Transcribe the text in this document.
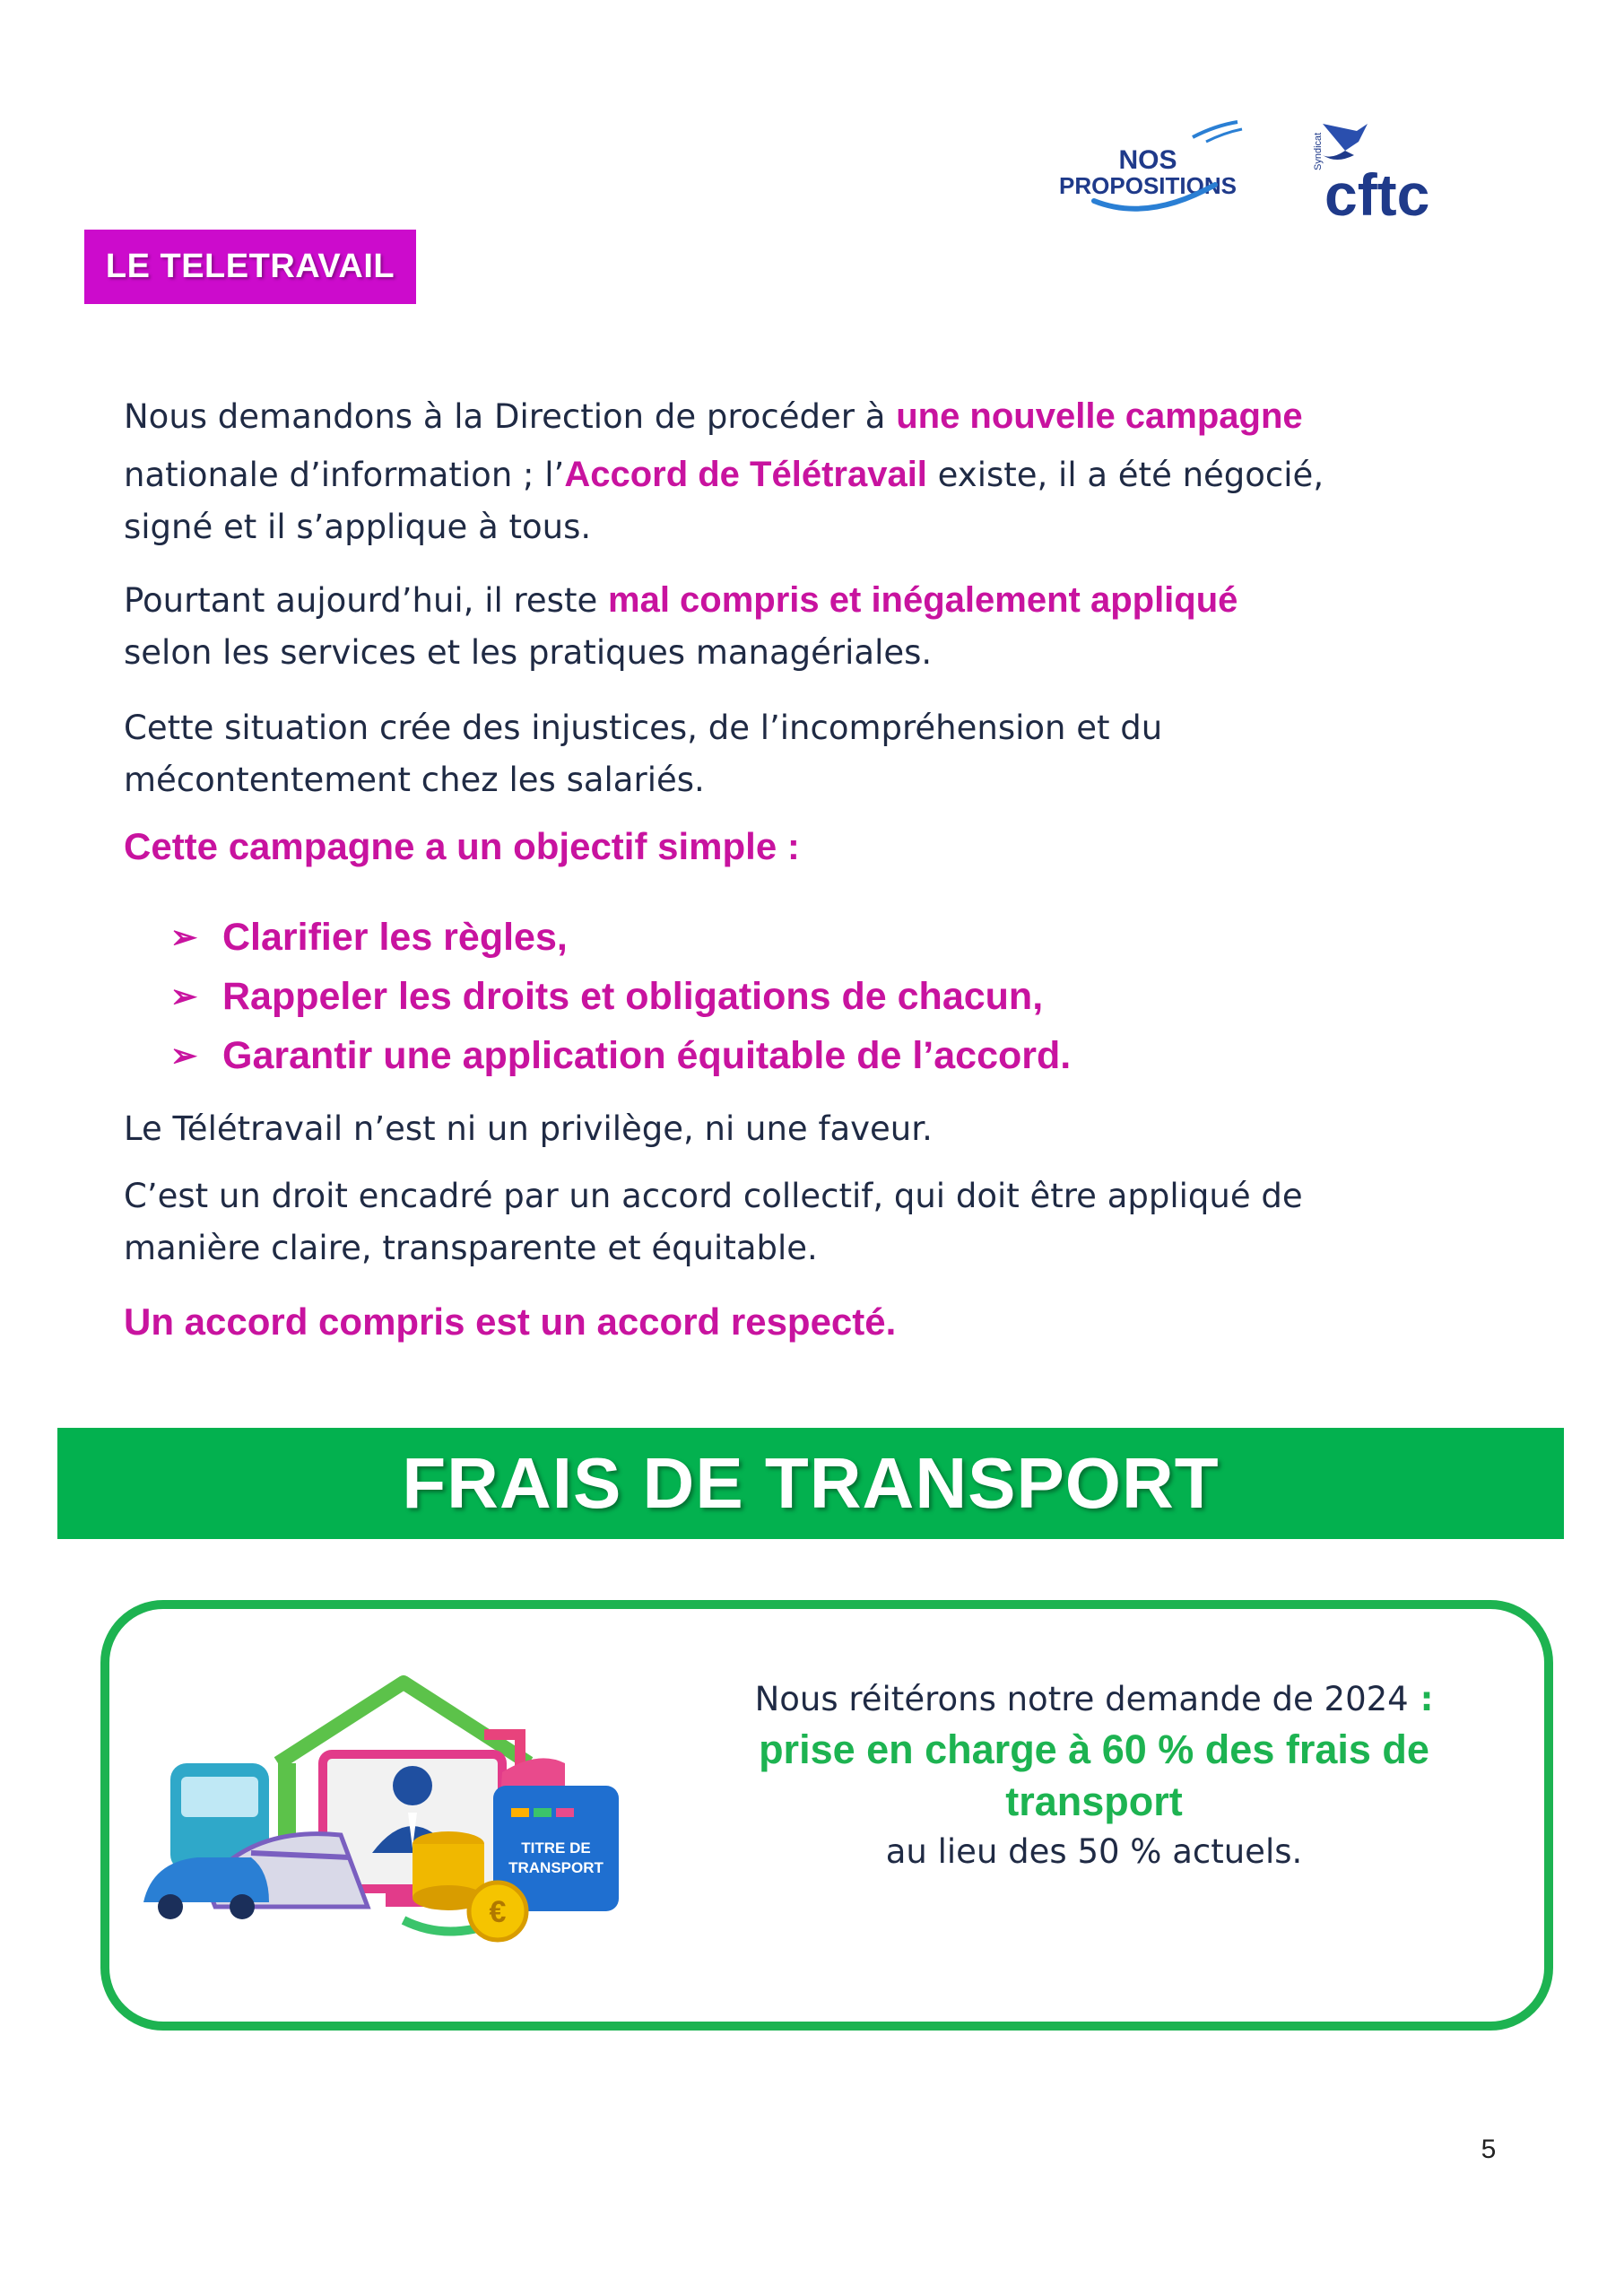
NOS
PROPOSITIONS
Syndicat
cftc
LE TELETRAVAIL
Nous demandons à la Direction de procéder à une nouvelle campagne
nationale d’information ; l’Accord de Télétravail existe, il a été négocié,
signé et il s’applique à tous.
Pourtant aujourd’hui, il reste mal compris et inégalement appliqué
selon les services et les pratiques managériales.
Cette situation crée des injustices, de l’incompréhension et du
mécontentement chez les salariés.
Cette campagne a un objectif simple :
➢ Clarifier les règles,
➢ Rappeler les droits et obligations de chacun,
➢ Garantir une application équitable de l’accord.
Le Télétravail n’est ni un privilège, ni une faveur.
C’est un droit encadré par un accord collectif, qui doit être appliqué de
manière claire, transparente et équitable.
Un accord compris est un accord respecté.
FRAIS DE TRANSPORT
TITRE DE
TRANSPORT
€
Nous réitérons notre demande de 2024 :
prise en charge à 60 % des frais de
transport
au lieu des 50 % actuels.
5
